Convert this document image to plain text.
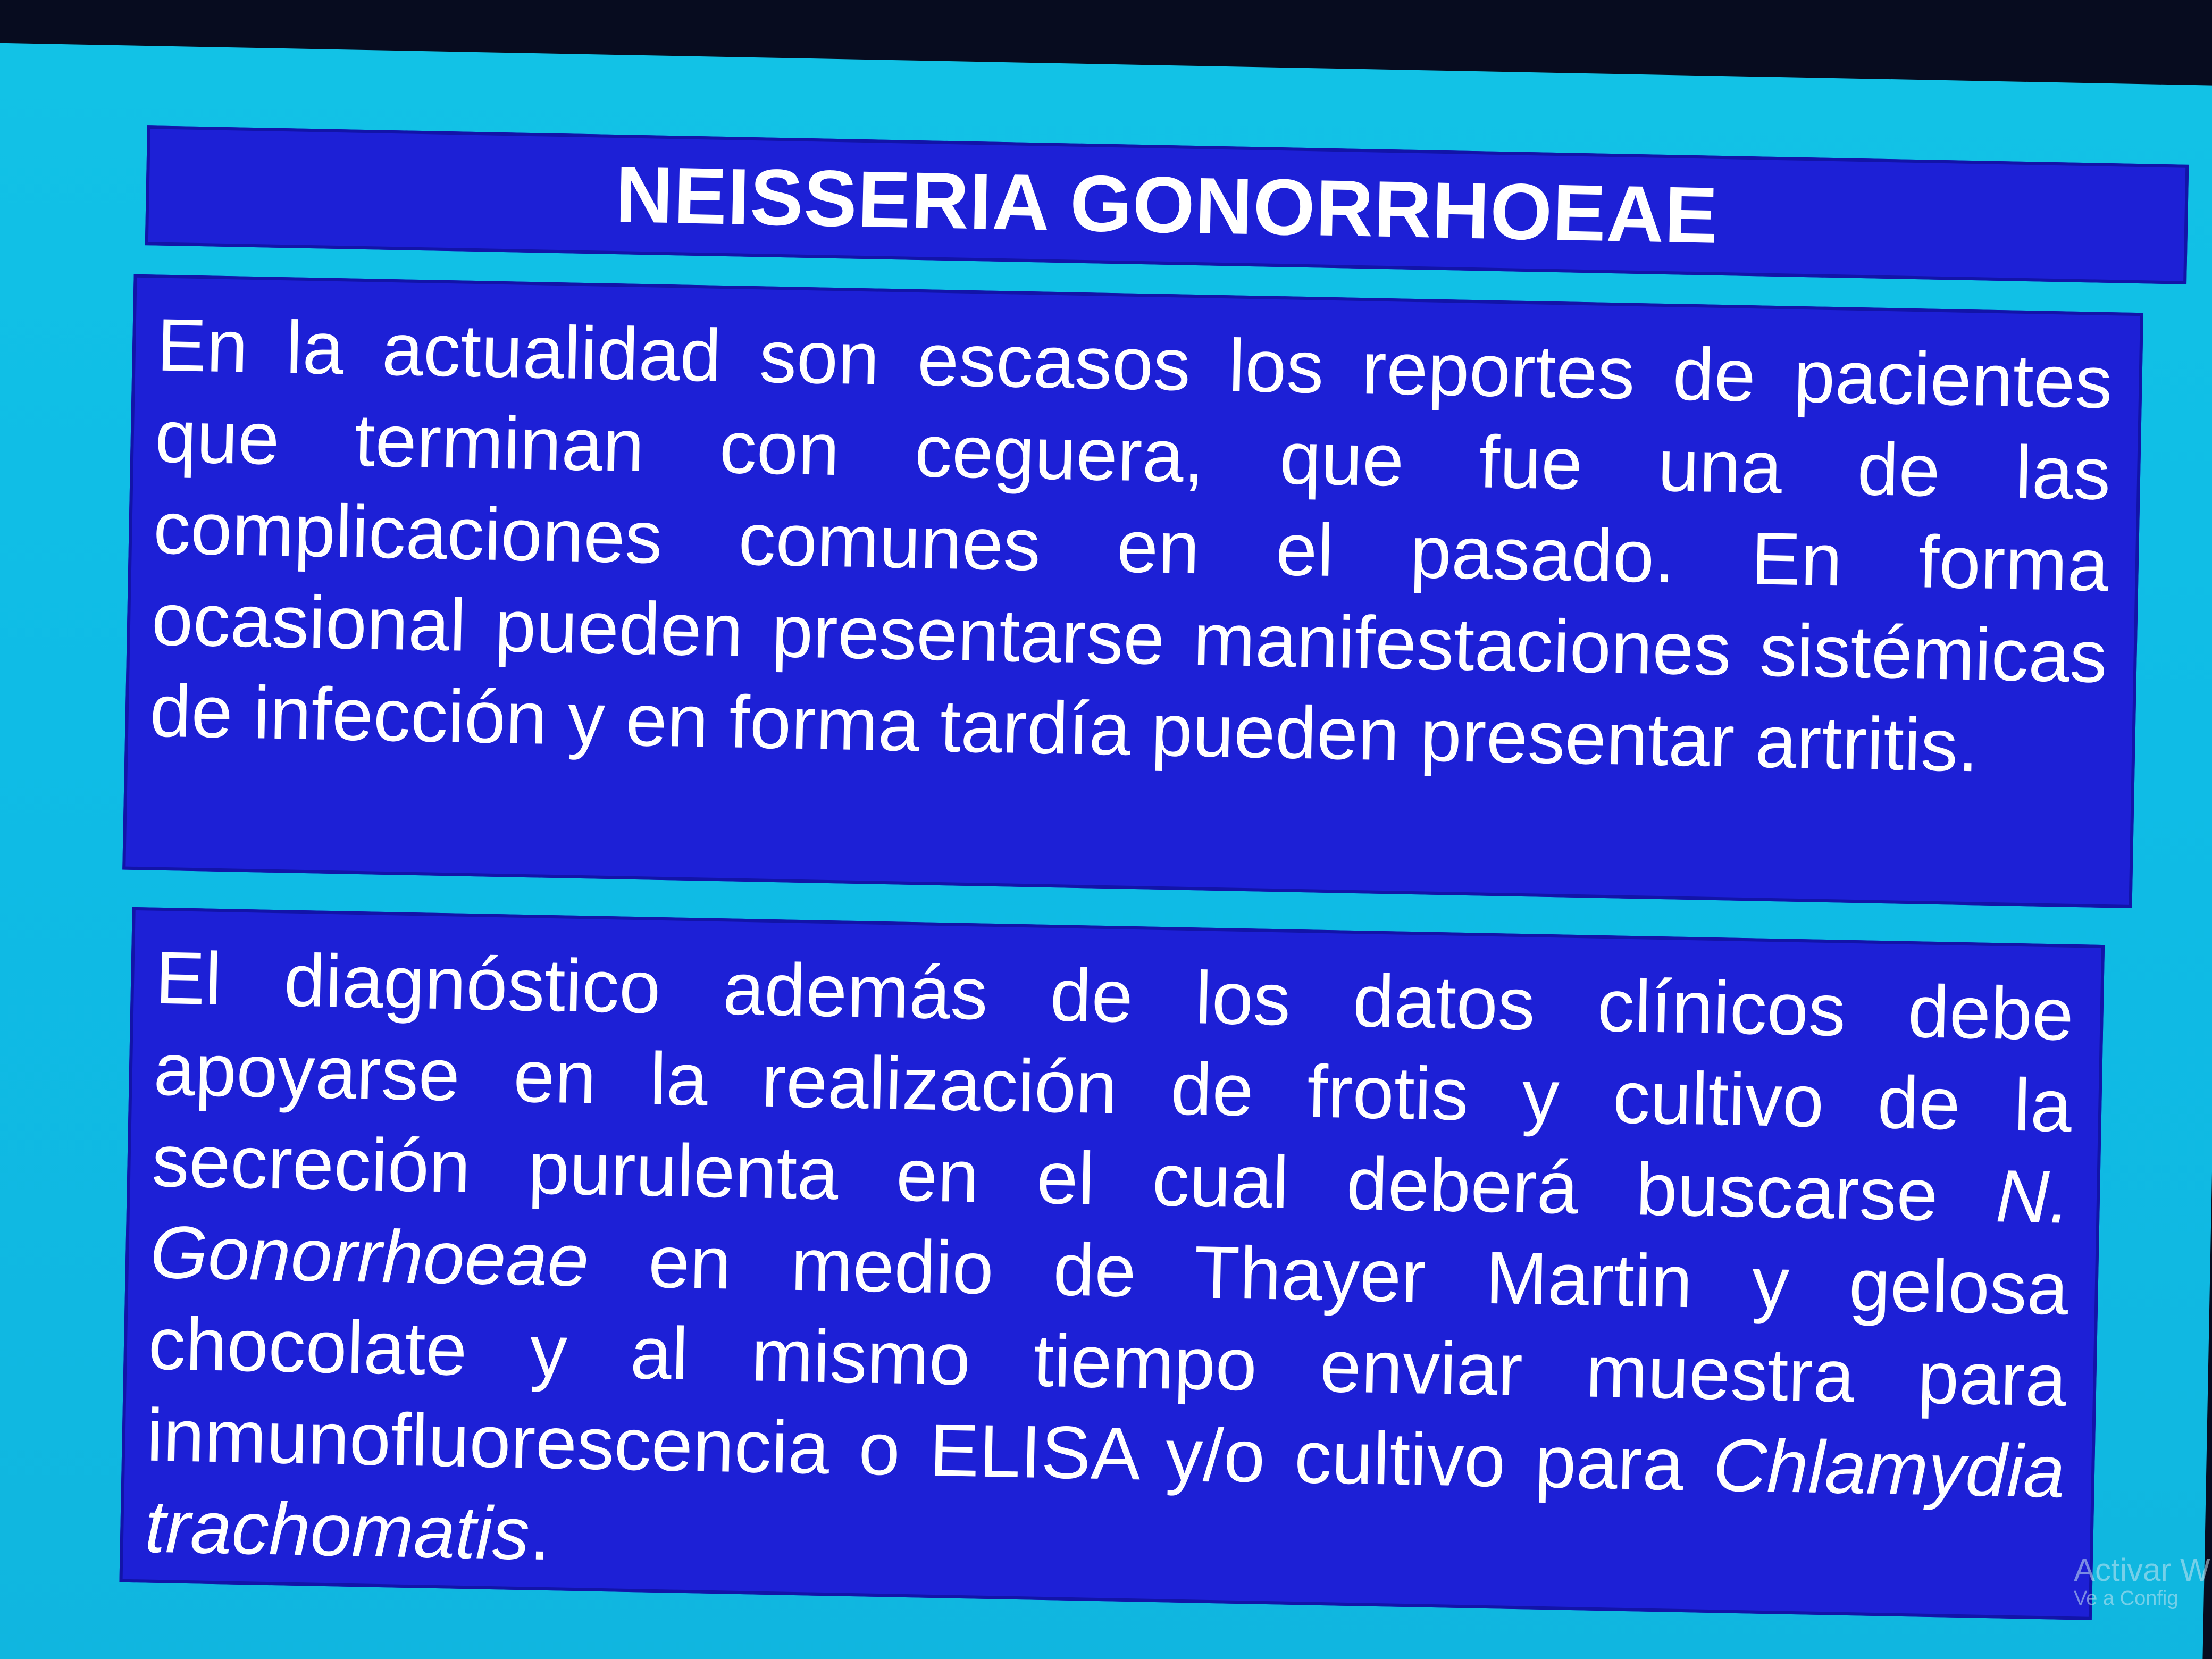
NEISSERIA GONORRHOEAE

En la actualidad son escasos los reportes de pacientes que terminan con ceguera, que fue una de las complicaciones comunes en el pasado. En forma ocasional pueden presentarse manifestaciones sistémicas de infección y en forma tardía pueden presentar artritis.

El diagnóstico además de los datos clínicos debe apoyarse en la realización de frotis y cultivo de la secreción purulenta en el cual deberá buscarse N. Gonorrhoeae en medio de Thayer Martin y gelosa chocolate y al mismo tiempo enviar muestra para inmunofluorescencia o ELISA y/o cultivo para Chlamydia trachomatis.	Activar W
Ve a Config
